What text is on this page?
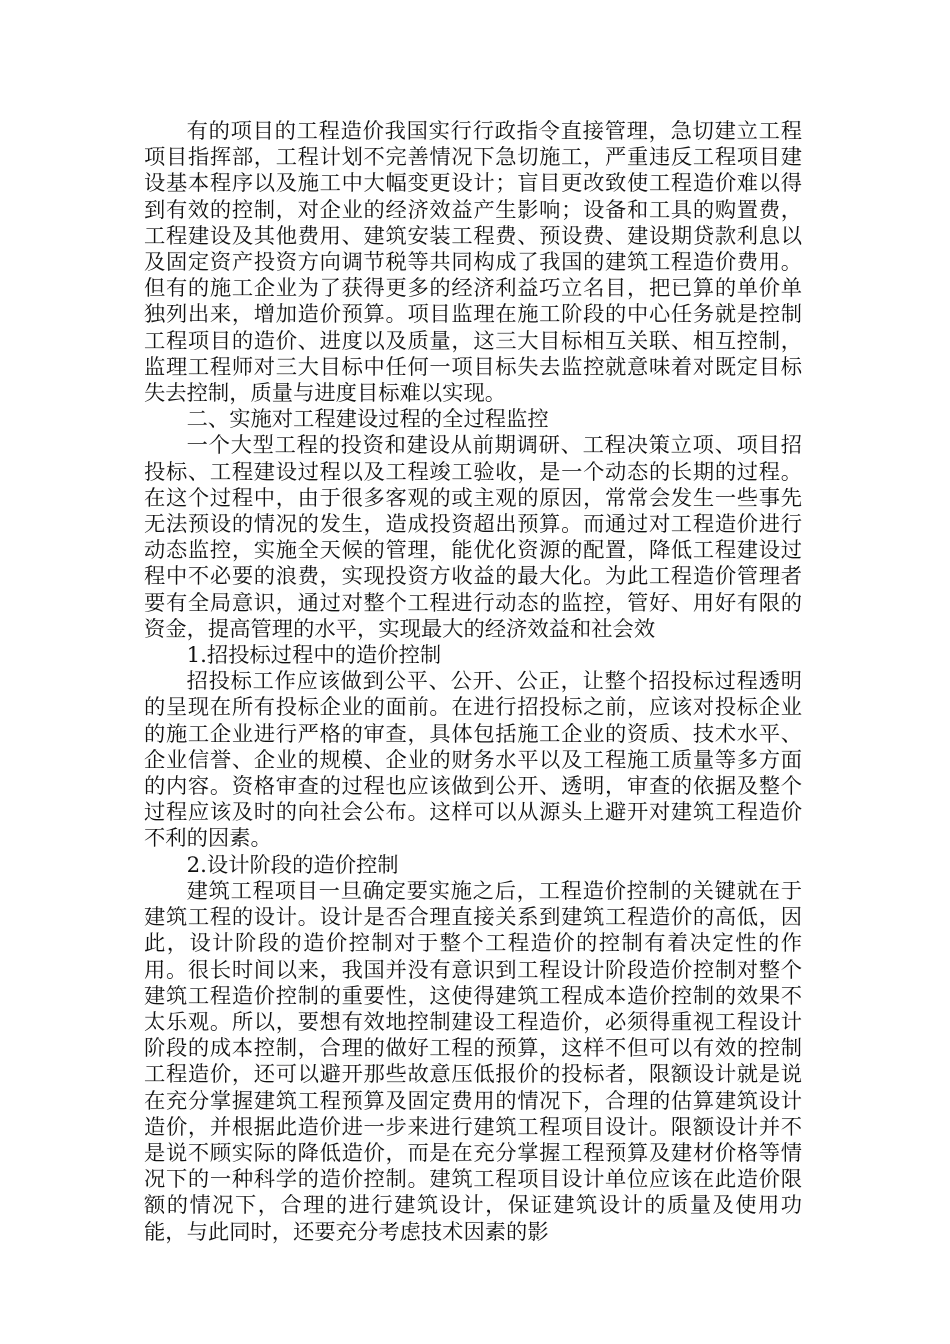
有的项目的工程造价我国实行行政指令直接管理，急切建立工程项目指挥部，工程计划不完善情况下急切施工，严重违反工程项目建设基本程序以及施工中大幅变更设计；盲目更改致使工程造价难以得到有效的控制，对企业的经济效益产生影响；设备和工具的购置费，工程建设及其他费用、建筑安装工程费、预设费、建设期贷款利息以及固定资产投资方向调节税等共同构成了我国的建筑工程造价费用。但有的施工企业为了获得更多的经济利益巧立名目，把已算的单价单独列出来，增加造价预算。项目监理在施工阶段的中心任务就是控制工程项目的造价、进度以及质量，这三大目标相互关联、相互控制，监理工程师对三大目标中任何一项目标失去监控就意味着对既定目标失去控制，质量与进度目标难以实现。

二、实施对工程建设过程的全过程监控

一个大型工程的投资和建设从前期调研、工程决策立项、项目招投标、工程建设过程以及工程竣工验收，是一个动态的长期的过程。在这个过程中，由于很多客观的或主观的原因，常常会发生一些事先无法预设的情况的发生，造成投资超出预算。而通过对工程造价进行动态监控，实施全天候的管理，能优化资源的配置，降低工程建设过程中不必要的浪费，实现投资方收益的最大化。为此工程造价管理者要有全局意识，通过对整个工程进行动态的监控，管好、用好有限的资金，提高管理的水平，实现最大的经济效益和社会效

1.招投标过程中的造价控制

招投标工作应该做到公平、公开、公正，让整个招投标过程透明的呈现在所有投标企业的面前。在进行招投标之前，应该对投标企业的施工企业进行严格的审查，具体包括施工企业的资质、技术水平、企业信誉、企业的规模、企业的财务水平以及工程施工质量等多方面的内容。资格审查的过程也应该做到公开、透明，审查的依据及整个过程应该及时的向社会公布。这样可以从源头上避开对建筑工程造价不利的因素。

2.设计阶段的造价控制

建筑工程项目一旦确定要实施之后，工程造价控制的关键就在于建筑工程的设计。设计是否合理直接关系到建筑工程造价的高低，因此，设计阶段的造价控制对于整个工程造价的控制有着决定性的作用。很长时间以来，我国并没有意识到工程设计阶段造价控制对整个建筑工程造价控制的重要性，这使得建筑工程成本造价控制的效果不太乐观。所以，要想有效地控制建设工程造价，必须得重视工程设计阶段的成本控制，合理的做好工程的预算，这样不但可以有效的控制工程造价，还可以避开那些故意压低报价的投标者，限额设计就是说在充分掌握建筑工程预算及固定费用的情况下，合理的估算建筑设计造价，并根据此造价进一步来进行建筑工程项目设计。限额设计并不是说不顾实际的降低造价，而是在充分掌握工程预算及建材价格等情况下的一种科学的造价控制。建筑工程项目设计单位应该在此造价限额的情况下，合理的进行建筑设计，保证建筑设计的质量及使用功能，与此同时，还要充分考虑技术因素的影
